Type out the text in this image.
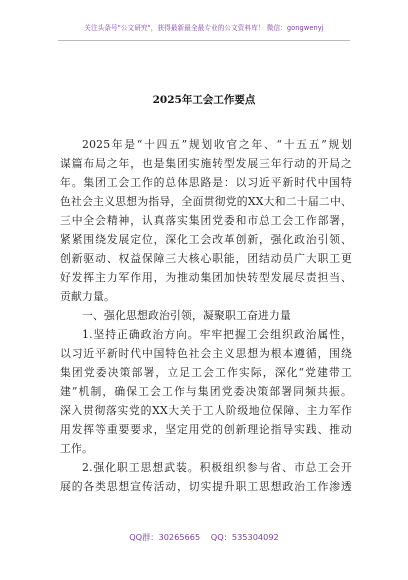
关注头条号"公文研究"，获得最新最全最专业的公文资料库！ 微信：gongwenyj
2025年工会工作要点
2025年是“十四五”规划收官之年、“十五五”规划
谋篇布局之年，也是集团实施转型发展三年行动的开局之
年。集团工会工作的总体思路是：以习近平新时代中国特
色社会主义思想为指导，全面贯彻党的XX大和二十届二中、
三中全会精神，认真落实集团党委和市总工会工作部署，
紧紧围绕发展定位，深化工会改革创新，强化政治引领、
创新驱动、权益保障三大核心职能，团结动员广大职工更
好发挥主力军作用，为推动集团加快转型发展尽责担当、
贡献力量。
一、强化思想政治引领，凝聚职工奋进力量
1.坚持正确政治方向。牢牢把握工会组织政治属性，
以习近平新时代中国特色社会主义思想为根本遵循，围绕
集团党委决策部署，立足工会工作实际，深化“党建带工
建”机制，确保工会工作与集团党委决策部署同频共振。
深入贯彻落实党的XX大关于工人阶级地位保障、主力军作
用发挥等重要要求，坚定用党的创新理论指导实践、推动
工作。
2.强化职工思想武装。积极组织参与省、市总工会开
展的各类思想宣传活动，切实提升职工思想政治工作渗透
QQ群：30265665 QQ：535304092
